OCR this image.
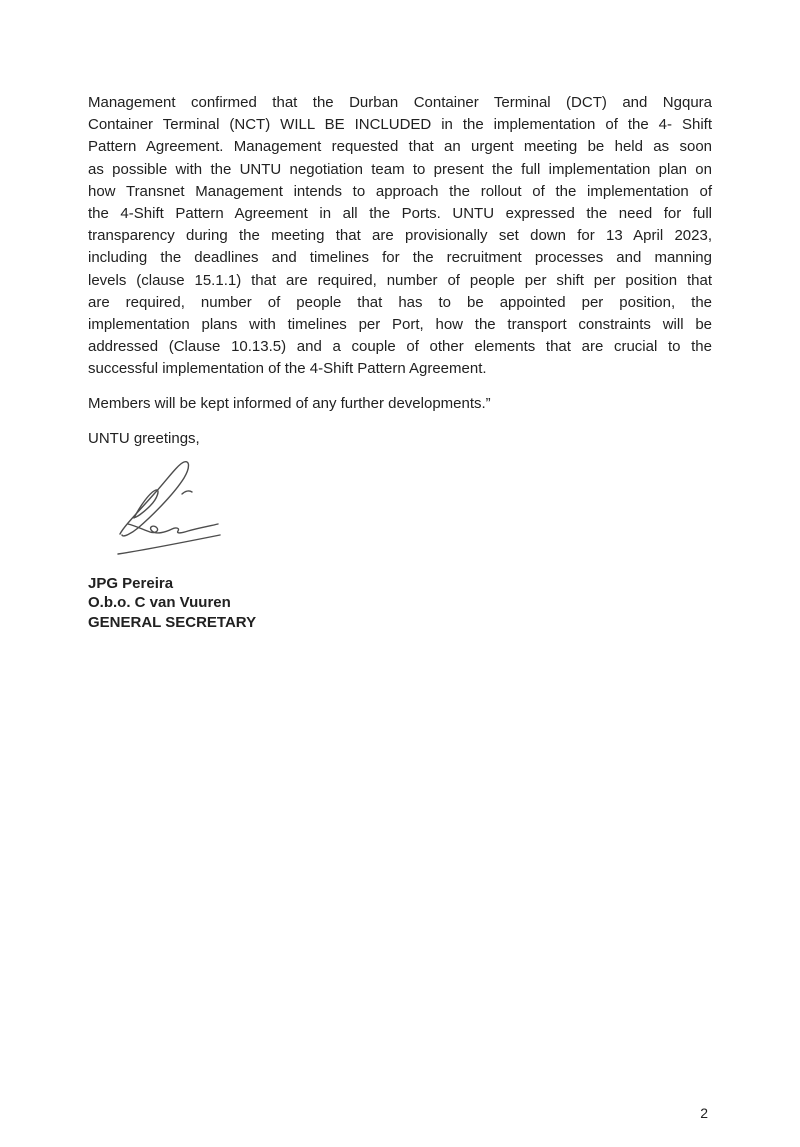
Management confirmed that the Durban Container Terminal (DCT) and Ngqura
Container Terminal (NCT) WILL BE INCLUDED in the implementation of the 4- Shift
Pattern Agreement. Management requested that an urgent meeting be held as soon
as possible with the UNTU negotiation team to present the full implementation plan on
how Transnet Management intends to approach the rollout of the implementation of
the 4-Shift Pattern Agreement in all the Ports. UNTU expressed the need for full
transparency during the meeting that are provisionally set down for 13 April 2023,
including the deadlines and timelines for the recruitment processes and manning
levels (clause 15.1.1) that are required, number of people per shift per position that
are required, number of people that has to be appointed per position, the
implementation plans with timelines per Port, how the transport constraints will be
addressed (Clause 10.13.5) and a couple of other elements that are crucial to the
successful implementation of the 4-Shift Pattern Agreement.
Members will be kept informed of any further developments.”
UNTU greetings,
JPG Pereira
O.b.o. C van Vuuren
GENERAL SECRETARY
2
